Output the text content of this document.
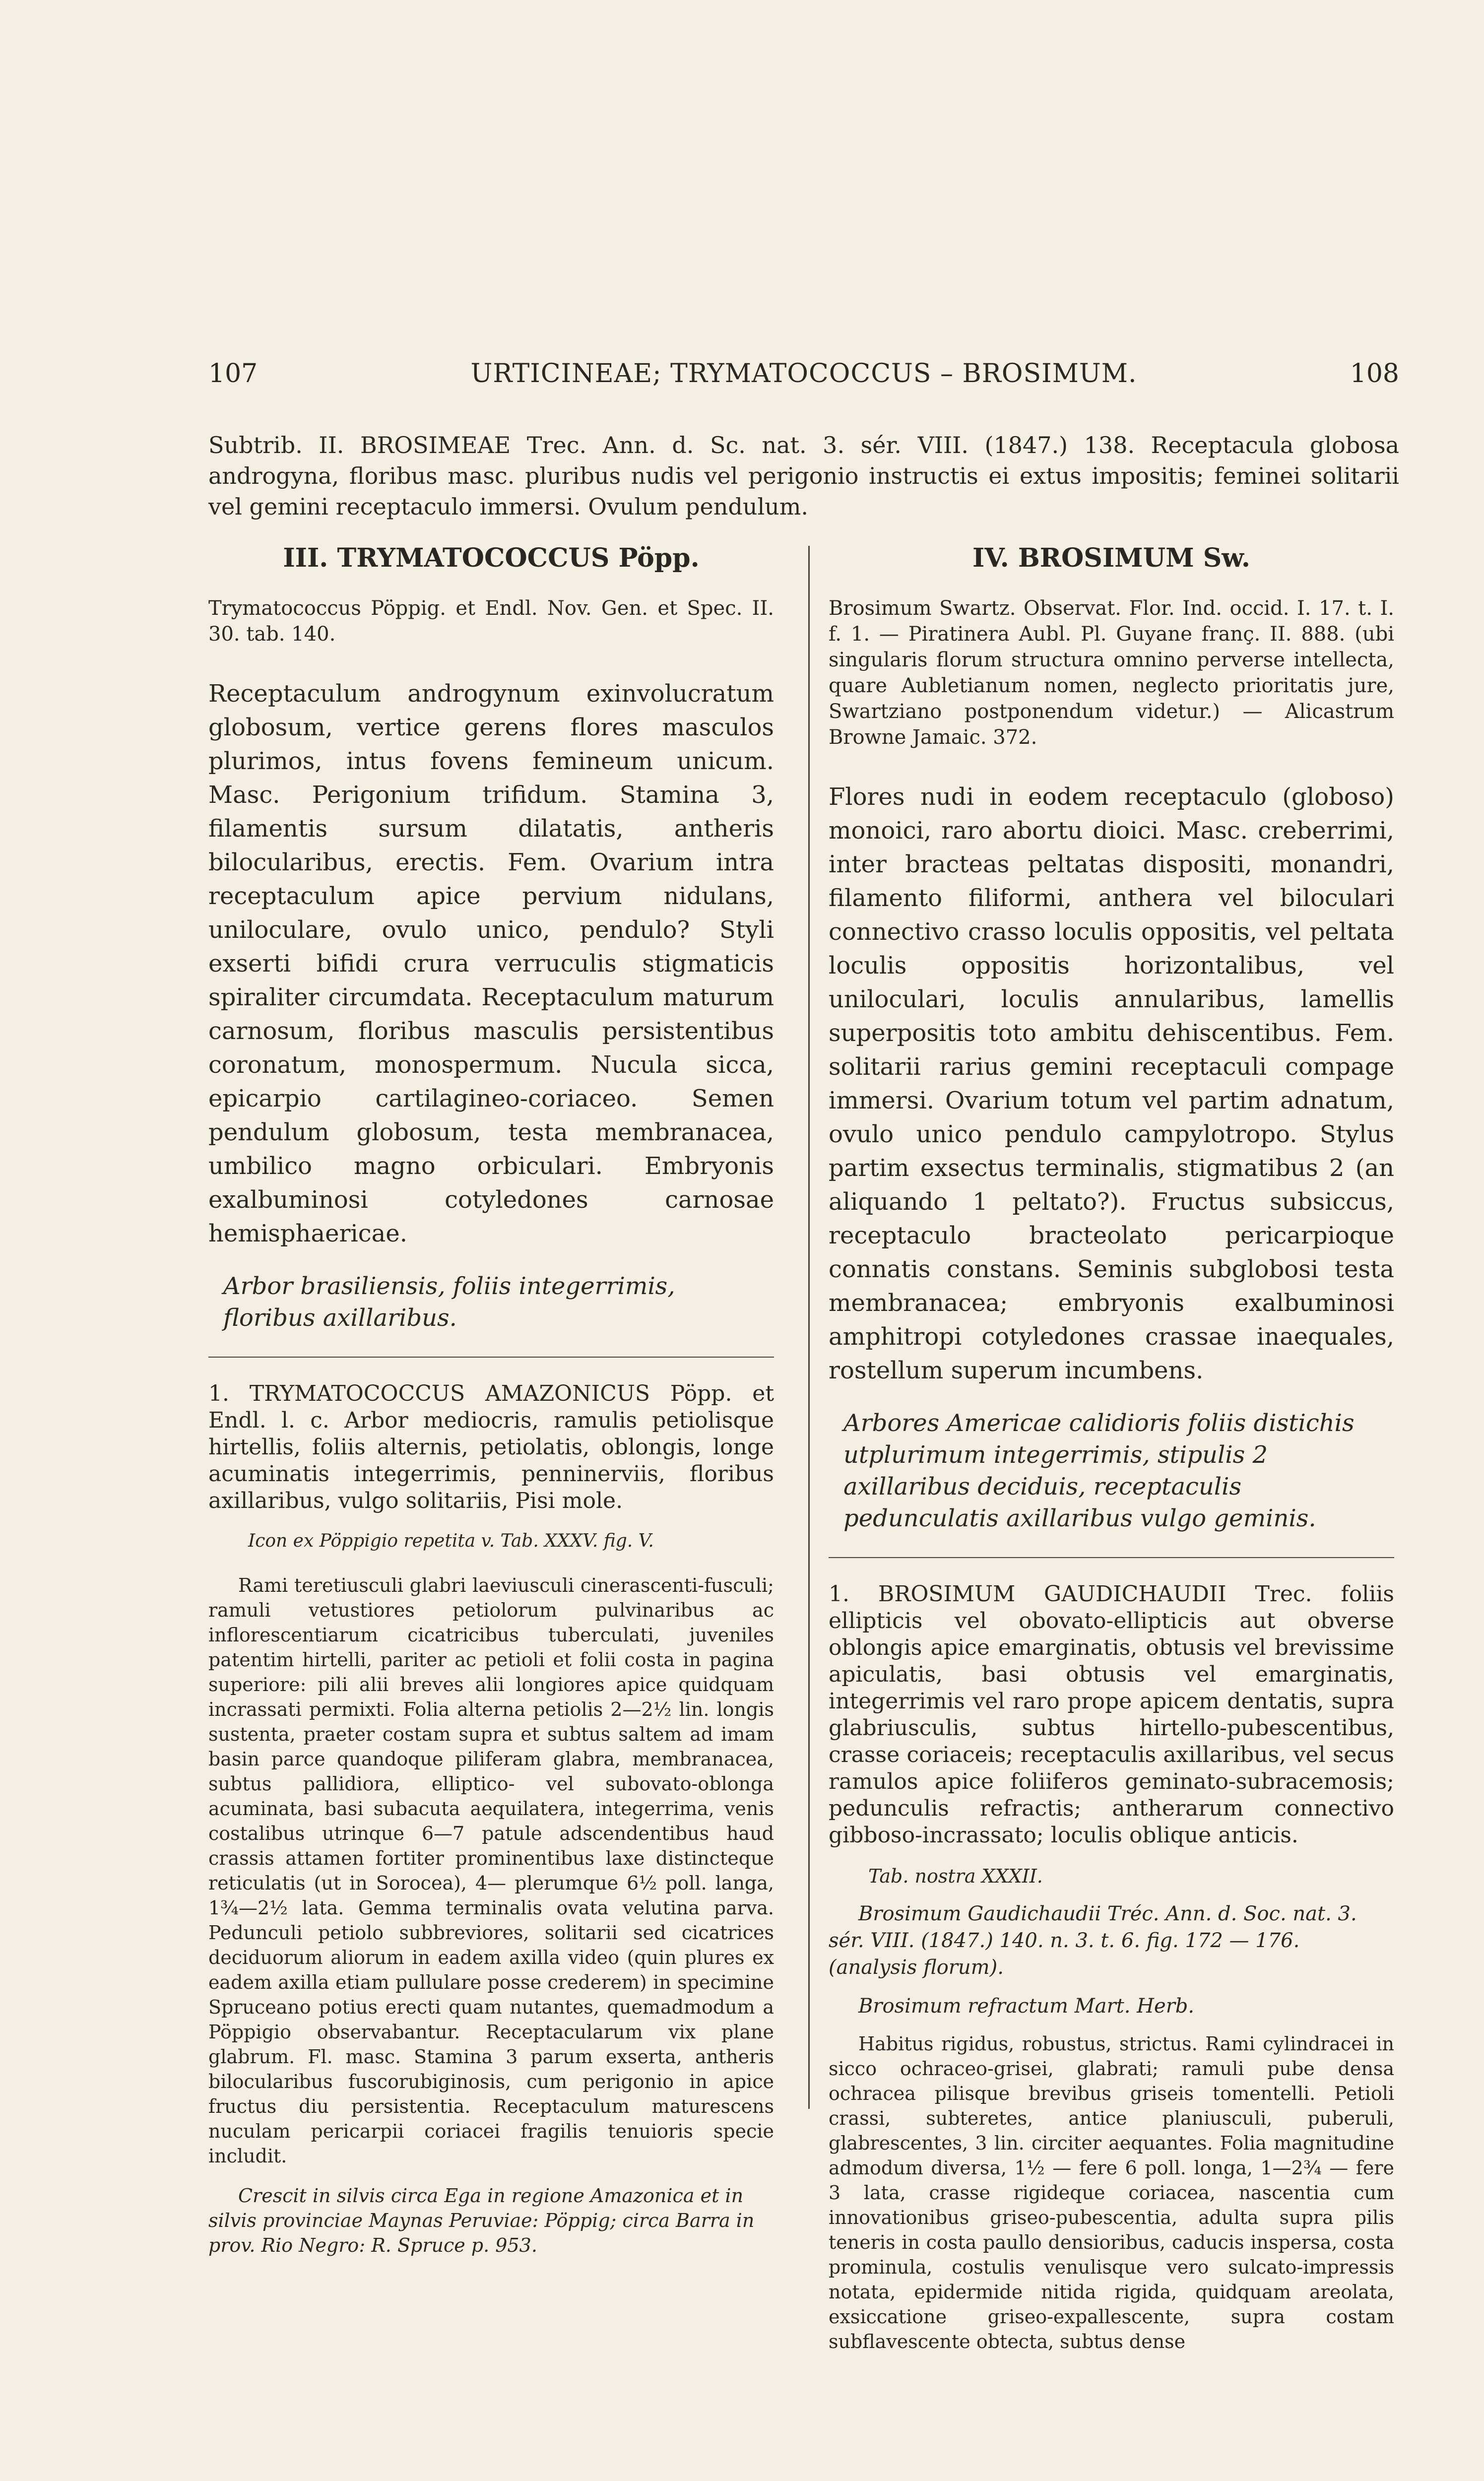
107	URTICINEAE; TRYMATOCOCCUS – BROSIMUM.	108

Subtrib. II. BROSIMEAE Trec. Ann. d. Sc. nat. 3. sér. VIII. (1847.) 138. Receptacula globosa androgyna, floribus masc. pluribus nudis vel perigonio instructis ei extus impositis; feminei solitarii vel gemini receptaculo immersi. Ovulum pendulum.

III. TRYMATOCOCCUS Pöpp.

Trymatococcus Pöppig. et Endl. Nov. Gen. et Spec. II. 30. tab. 140.

Receptaculum androgynum exinvolucratum globosum, vertice gerens flores masculos plurimos, intus fovens femineum unicum. Masc. Perigonium trifidum. Stamina 3, filamentis sursum dilatatis, antheris bilocularibus, erectis. Fem. Ovarium intra receptaculum apice pervium nidulans, uniloculare, ovulo unico, pendulo? Styli exserti bifidi crura verruculis stigmaticis spiraliter circumdata. Receptaculum maturum carnosum, floribus masculis persistentibus coronatum, monospermum. Nucula sicca, epicarpio cartilagineo-coriaceo. Semen pendulum globosum, testa membranacea, umbilico magno orbiculari. Embryonis exalbuminosi cotyledones carnosae hemisphaericae.

Arbor brasiliensis, foliis integerrimis, floribus axillaribus.

1. TRYMATOCOCCUS AMAZONICUS Pöpp. et Endl. l. c. Arbor mediocris, ramulis petiolisque hirtellis, foliis alternis, petiolatis, oblongis, longe acuminatis integerrimis, penninerviis, floribus axillaribus, vulgo solitariis, Pisi mole.

Icon ex Pöppigio repetita v. Tab. XXXV. fig. V.

Rami teretiusculi glabri laeviusculi cinerascenti-fusculi; ramuli vetustiores petiolorum pulvinaribus ac inflorescentiarum cicatricibus tuberculati, juveniles patentim hirtelli, pariter ac petioli et folii costa in pagina superiore: pili alii breves alii longiores apice quidquam incrassati permixti. Folia alterna petiolis 2—2½ lin. longis sustenta, praeter costam supra et subtus saltem ad imam basin parce quandoque piliferam glabra, membranacea, subtus pallidiora, elliptico- vel subovato-oblonga acuminata, basi subacuta aequilatera, integerrima, venis costalibus utrinque 6—7 patule adscendentibus haud crassis attamen fortiter prominentibus laxe distincteque reticulatis (ut in Sorocea), 4— plerumque 6½ poll. langa, 1¾—2½ lata. Gemma terminalis ovata velutina parva. Pedunculi petiolo subbreviores, solitarii sed cicatrices deciduorum aliorum in eadem axilla video (quin plures ex eadem axilla etiam pullulare posse crederem) in specimine Spruceano potius erecti quam nutantes, quemadmodum a Pöppigio observabantur. Receptacularum vix plane glabrum. Fl. masc. Stamina 3 parum exserta, antheris bilocularibus fuscorubiginosis, cum perigonio in apice fructus diu persistentia. Receptaculum maturescens nuculam pericarpii coriacei fragilis tenuioris specie includit.

Crescit in silvis circa Ega in regione Amazonica et in silvis provinciae Maynas Peruviae: Pöppig; circa Barra in prov. Rio Negro: R. Spruce p. 953.

IV. BROSIMUM Sw.

Brosimum Swartz. Observat. Flor. Ind. occid. I. 17. t. I. f. 1. — Piratinera Aubl. Pl. Guyane franç. II. 888. (ubi singularis florum structura omnino perverse intellecta, quare Aubletianum nomen, neglecto prioritatis jure, Swartziano postponendum videtur.) — Alicastrum Browne Jamaic. 372.

Flores nudi in eodem receptaculo (globoso) monoici, raro abortu dioici. Masc. creberrimi, inter bracteas peltatas dispositi, monandri, filamento filiformi, anthera vel biloculari connectivo crasso loculis oppositis, vel peltata loculis oppositis horizontalibus, vel uniloculari, loculis annularibus, lamellis superpositis toto ambitu dehiscentibus. Fem. solitarii rarius gemini receptaculi compage immersi. Ovarium totum vel partim adnatum, ovulo unico pendulo campylotropo. Stylus partim exsectus terminalis, stigmatibus 2 (an aliquando 1 peltato?). Fructus subsiccus, receptaculo bracteolato pericarpioque connatis constans. Seminis subglobosi testa membranacea; embryonis exalbuminosi amphitropi cotyledones crassae inaequales, rostellum superum incumbens.

Arbores Americae calidioris foliis distichis utplurimum integerrimis, stipulis 2 axillaribus deciduis, receptaculis pedunculatis axillaribus vulgo geminis.

1. BROSIMUM GAUDICHAUDII Trec. foliis ellipticis vel obovato-ellipticis aut obverse oblongis apice emarginatis, obtusis vel brevissime apiculatis, basi obtusis vel emarginatis, integerrimis vel raro prope apicem dentatis, supra glabriusculis, subtus hirtello-pubescentibus, crasse coriaceis; receptaculis axillaribus, vel secus ramulos apice foliiferos geminato-subracemosis; pedunculis refractis; antherarum connectivo gibboso-incrassato; loculis oblique anticis.

Tab. nostra XXXII.

Brosimum Gaudichaudii Tréc. Ann. d. Soc. nat. 3. sér. VIII. (1847.) 140. n. 3. t. 6. fig. 172 — 176. (analysis florum).

Brosimum refractum Mart. Herb.

Habitus rigidus, robustus, strictus. Rami cylindracei in sicco ochraceo-grisei, glabrati; ramuli pube densa ochracea pilisque brevibus griseis tomentelli. Petioli crassi, subteretes, antice planiusculi, puberuli, glabrescentes, 3 lin. circiter aequantes. Folia magnitudine admodum diversa, 1½ — fere 6 poll. longa, 1—2¾ — fere 3 lata, crasse rigideque coriacea, nascentia cum innovationibus griseo-pubescentia, adulta supra pilis teneris in costa paullo densioribus, caducis inspersa, costa prominula, costulis venulisque vero sulcato-impressis notata, epidermide nitida rigida, quidquam areolata, exsiccatione griseo-expallescente, supra costam subflavescente obtecta, subtus dense
